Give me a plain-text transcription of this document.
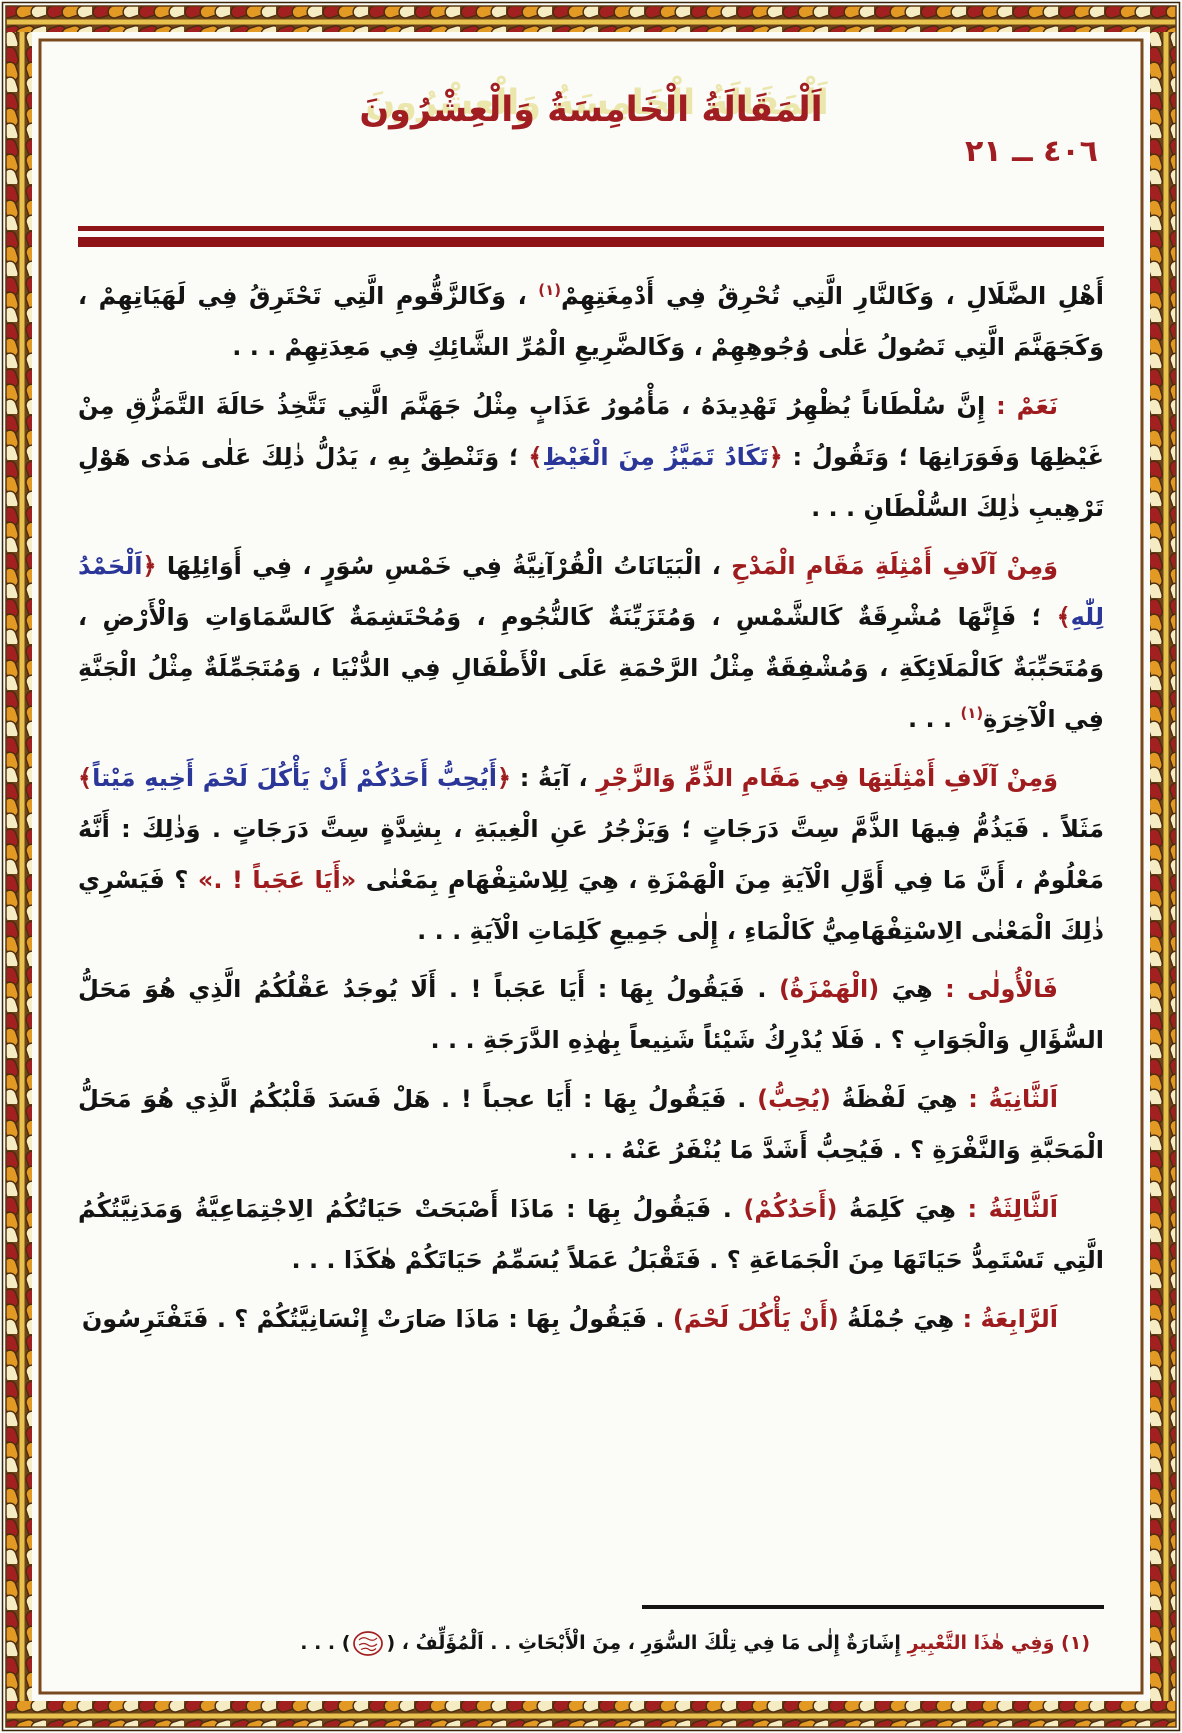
٤٠٦ ــ ٢١
اَلْمَقَالَةُ الْخَامِسَةُ وَالْعِشْرُونَ

أَهْلِ الضَّلَالِ ، وَكَالنَّارِ الَّتِي تُحْرِقُ فِي أَدْمِغَتِهِمْ$^{(١)}$ ، وَكَالزَّقُّومِ الَّتِي تَحْتَرِقُ فِي لَهَيَاتِهِمْ ، وَكَجَهَنَّمَ الَّتِي تَصُولُ عَلٰى وُجُوهِهِمْ ، وَكَالضَّرِيعِ الْمُرِّ الشَّائِكِ فِي مَعِدَتِهِمْ . . .

نَعَمْ : إِنَّ سُلْطَاناً يُظْهِرُ تَهْدِيدَهُ ، مَأْمُورُ عَذَابٍ مِثْلُ جَهَنَّمَ الَّتِي تَتَّخِذُ حَالَةَ التَّمَزُّقِ مِنْ غَيْظِهَا وَفَوَرَانِهَا ؛ وَتَقُولُ : ﴿تَكَادُ تَمَيَّزُ مِنَ الْغَيْظِ﴾ ؛ وَتَنْطِقُ بِهِ ، يَدُلُّ ذٰلِكَ عَلٰى مَدٰى هَوْلِ تَرْهِيبِ ذٰلِكَ السُّلْطَانِ . . .

وَمِنْ آلَافِ أَمْثِلَةِ مَقَامِ الْمَدْحِ ، الْبَيَانَاتُ الْقُرْآنِيَّةُ فِي خَمْسِ سُوَرٍ ، فِي أَوَائِلِهَا ﴿اَلْحَمْدُ لِلّٰهِ﴾ ؛ فَإِنَّهَا مُشْرِقَةٌ كَالشَّمْسِ ، وَمُتَزَيِّنَةٌ كَالنُّجُومِ ، وَمُحْتَشِمَةٌ كَالسَّمَاوَاتِ وَالْأَرْضِ ، وَمُتَحَبِّبَةٌ كَالْمَلَائِكَةِ ، وَمُشْفِقَةٌ مِثْلُ الرَّحْمَةِ عَلَى الْأَطْفَالِ فِي الدُّنْيَا ، وَمُتَجَمِّلَةٌ مِثْلُ الْجَنَّةِ فِي الْآخِرَةِ$^{(١)}$ . . .

وَمِنْ آلَافِ أَمْثِلَتِهَا فِي مَقَامِ الذَّمِّ وَالزَّجْرِ ، آيَةُ : ﴿أَيُحِبُّ أَحَدُكُمْ أَنْ يَأْكُلَ لَحْمَ أَخِيهِ مَيْتاً﴾ مَثَلاً . فَيَذُمُّ فِيهَا الذَّمَّ سِتَّ دَرَجَاتٍ ؛ وَيَزْجُرُ عَنِ الْغِيبَةِ ، بِشِدَّةٍ سِتَّ دَرَجَاتٍ . وَذٰلِكَ : أَنَّهُ مَعْلُومٌ ، أَنَّ مَا فِي أَوَّلِ الْآيَةِ مِنَ الْهَمْزَةِ ، هِيَ لِلِاسْتِفْهَامِ بِمَعْنٰى «أَيَا عَجَباً ! .» ؟ فَيَسْرِي ذٰلِكَ الْمَعْنٰى الِاسْتِفْهَامِيُّ كَالْمَاءِ ، إِلٰى جَمِيعِ كَلِمَاتِ الْآيَةِ . . .

فَالْأُولٰى : هِيَ (الْهَمْزَةُ) . فَيَقُولُ بِهَا : أَيَا عَجَباً ! . أَلَا يُوجَدُ عَقْلُكُمُ الَّذِي هُوَ مَحَلُّ السُّؤَالِ وَالْجَوَابِ ؟ . فَلَا يُدْرِكُ شَيْئاً شَنِيعاً بِهٰذِهِ الدَّرَجَةِ . . .

اَلثَّانِيَةُ : هِيَ لَفْظَةُ (يُحِبُّ) . فَيَقُولُ بِهَا : أَيَا عجباً ! . هَلْ فَسَدَ قَلْبُكُمُ الَّذِي هُوَ مَحَلُّ الْمَحَبَّةِ وَالنَّفْرَةِ ؟ . فَيُحِبُّ أَشَدَّ مَا يُنْفَرُ عَنْهُ . . .

اَلثَّالِثَةُ : هِيَ كَلِمَةُ (أَحَدُكُمْ) . فَيَقُولُ بِهَا : مَاذَا أَصْبَحَتْ حَيَاتُكُمُ الِاجْتِمَاعِيَّةُ وَمَدَنِيَّتُكُمُ الَّتِي تَسْتَمِدُّ حَيَاتَهَا مِنَ الْجَمَاعَةِ ؟ . فَتَقْبَلُ عَمَلاً يُسَمِّمُ حَيَاتَكُمْ هٰكَذَا . . .

اَلرَّابِعَةُ : هِيَ جُمْلَةُ (أَنْ يَأْكُلَ لَحْمَ) . فَيَقُولُ بِهَا : مَاذَا صَارَتْ إِنْسَانِيَّتُكُمْ ؟ . فَتَفْتَرِسُونَ

(١) وَفِي هٰذَا التَّعْبِيرِ إِشَارَةٌ إِلٰى مَا فِي تِلْكَ السُّوَرِ ، مِنَ الْأَبْحَاثِ . . اَلْمُؤَلِّفُ ، () . . .
